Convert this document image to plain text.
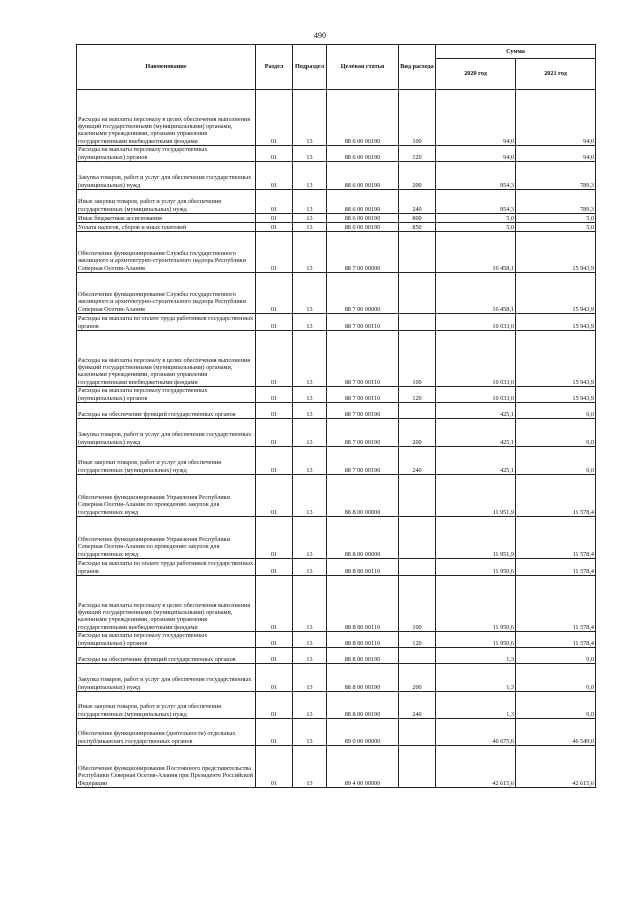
490
Наименование	Раздел	Подраздел	Целевая статья	Вид расхода	Сумма	
					2020 год	2021 год
Расходы на выплаты персоналу в целях обеспечения выполнения функций государственными (муниципальными) органами, казенными учреждениями, органами управления государственными внебюджетными фондами	01	13	88 6 00 00190	100	94,0	94,0
Расходы на выплаты персоналу государственных (муниципальных) органов	01	13	88 6 00 00190	120	94,0	94,0
Закупка товаров, работ и услуг для обеспечения государственных (муниципальных) нужд	01	13	88 6 00 00190	200	954,3	789,3
Иные закупки товаров, работ и услуг для обеспечения государственных (муниципальных) нужд	01	13	88 6 00 00190	240	954,3	789,3
Иные бюджетные ассигнования	01	13	88 6 00 00190	800	5,0	5,0
Уплата налогов, сборов и иных платежей	01	13	88 6 00 00190	850	5,0	5,0
Обеспечение функционирования Службы государственного жилищного и архитектурно-строительного надзора Республики Северная Осетия-Алания	01	13	88 7 00 00000		16 458,1	15 943,9
Обеспечение функционирования Службы государственного жилищного и архитектурно-строительного надзора Республики Северная Осетия-Алания	01	13	88 7 00 00000		16 458,1	15 943,9
Расходы на выплаты по оплате труда работников государственных органов	01	13	88 7 00 00110		16 033,0	15 943,9
Расходы на выплаты персоналу в целях обеспечения выполнения функций государственными (муниципальными) органами, казенными учреждениями, органами управления государственными внебюджетными фондами	01	13	88 7 00 00110	100	16 033,0	15 943,9
Расходы на выплаты персоналу государственных (муниципальных) органов	01	13	88 7 00 00110	120	16 033,0	15 943,9
Расходы на обеспечение функций государственных органов	01	13	88 7 00 00190		425,1	0,0
Закупка товаров, работ и услуг для обеспечения государственных (муниципальных) нужд	01	13	88 7 00 00190	200	425,1	0,0
Иные закупки товаров, работ и услуг для обеспечения государственных (муниципальных) нужд	01	13	88 7 00 00190	240	425,1	0,0
Обеспечение функционирования Управления Республики Северная Осетия-Алания по проведению закупок для государственных нужд	01	13	88 8 00 00000		11 951,9	11 578,4
Обеспечение функционирования Управления Республики Северная Осетия-Алания по проведению закупок для государственных нужд	01	13	88 8 00 00000		11 951,9	11 578,4
Расходы на выплаты по оплате труда работников государственных органов	01	13	88 8 00 00110		11 950,6	11 578,4
Расходы на выплаты персоналу в целях обеспечения выполнения функций государственными (муниципальными) органами, казенными учреждениями, органами управления государственными внебюджетными фондами	01	13	88 8 00 00110	100	11 950,6	11 578,4
Расходы на выплаты персоналу государственных (муниципальных) органов	01	13	88 8 00 00110	120	11 950,6	11 578,4
Расходы на обеспечение функций государственных органов	01	13	88 8 00 00190		1,3	0,0
Закупка товаров, работ и услуг для обеспечения государственных (муниципальных) нужд	01	13	88 8 00 00190	200	1,3	0,0
Иные закупки товаров, работ и услуг для обеспечения государственных (муниципальных) нужд	01	13	88 8 00 00190	240	1,3	0,0
Обеспечение функционирования (деятельности) отдельных республиканских государственных органов	01	13	89 0 00 00000		46 675,6	46 549,0
Обеспечение функционирования Постоянного представительства Республики Северная Осетия-Алания при Президенте Российской Федерации	01	13	89 4 00 00000		42 615,6	42 615,6
